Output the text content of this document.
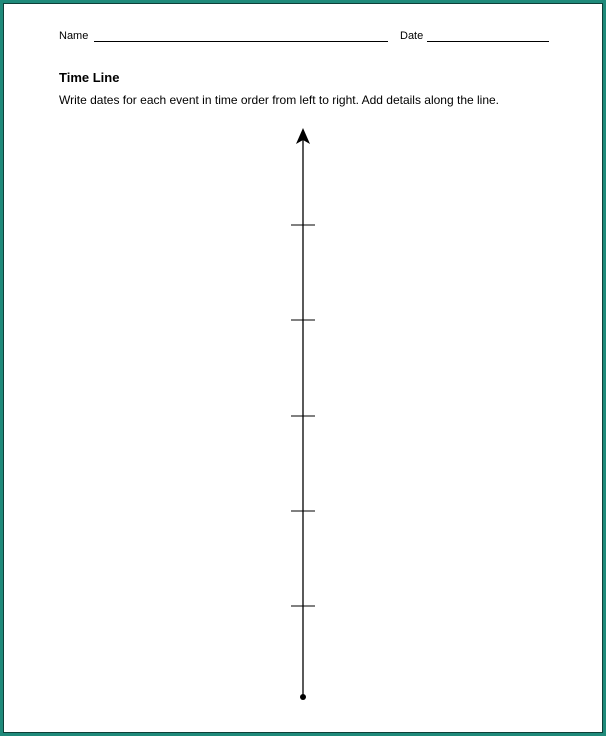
Name	Date
Time Line
Write dates for each event in time order from left to right. Add details along the line.
